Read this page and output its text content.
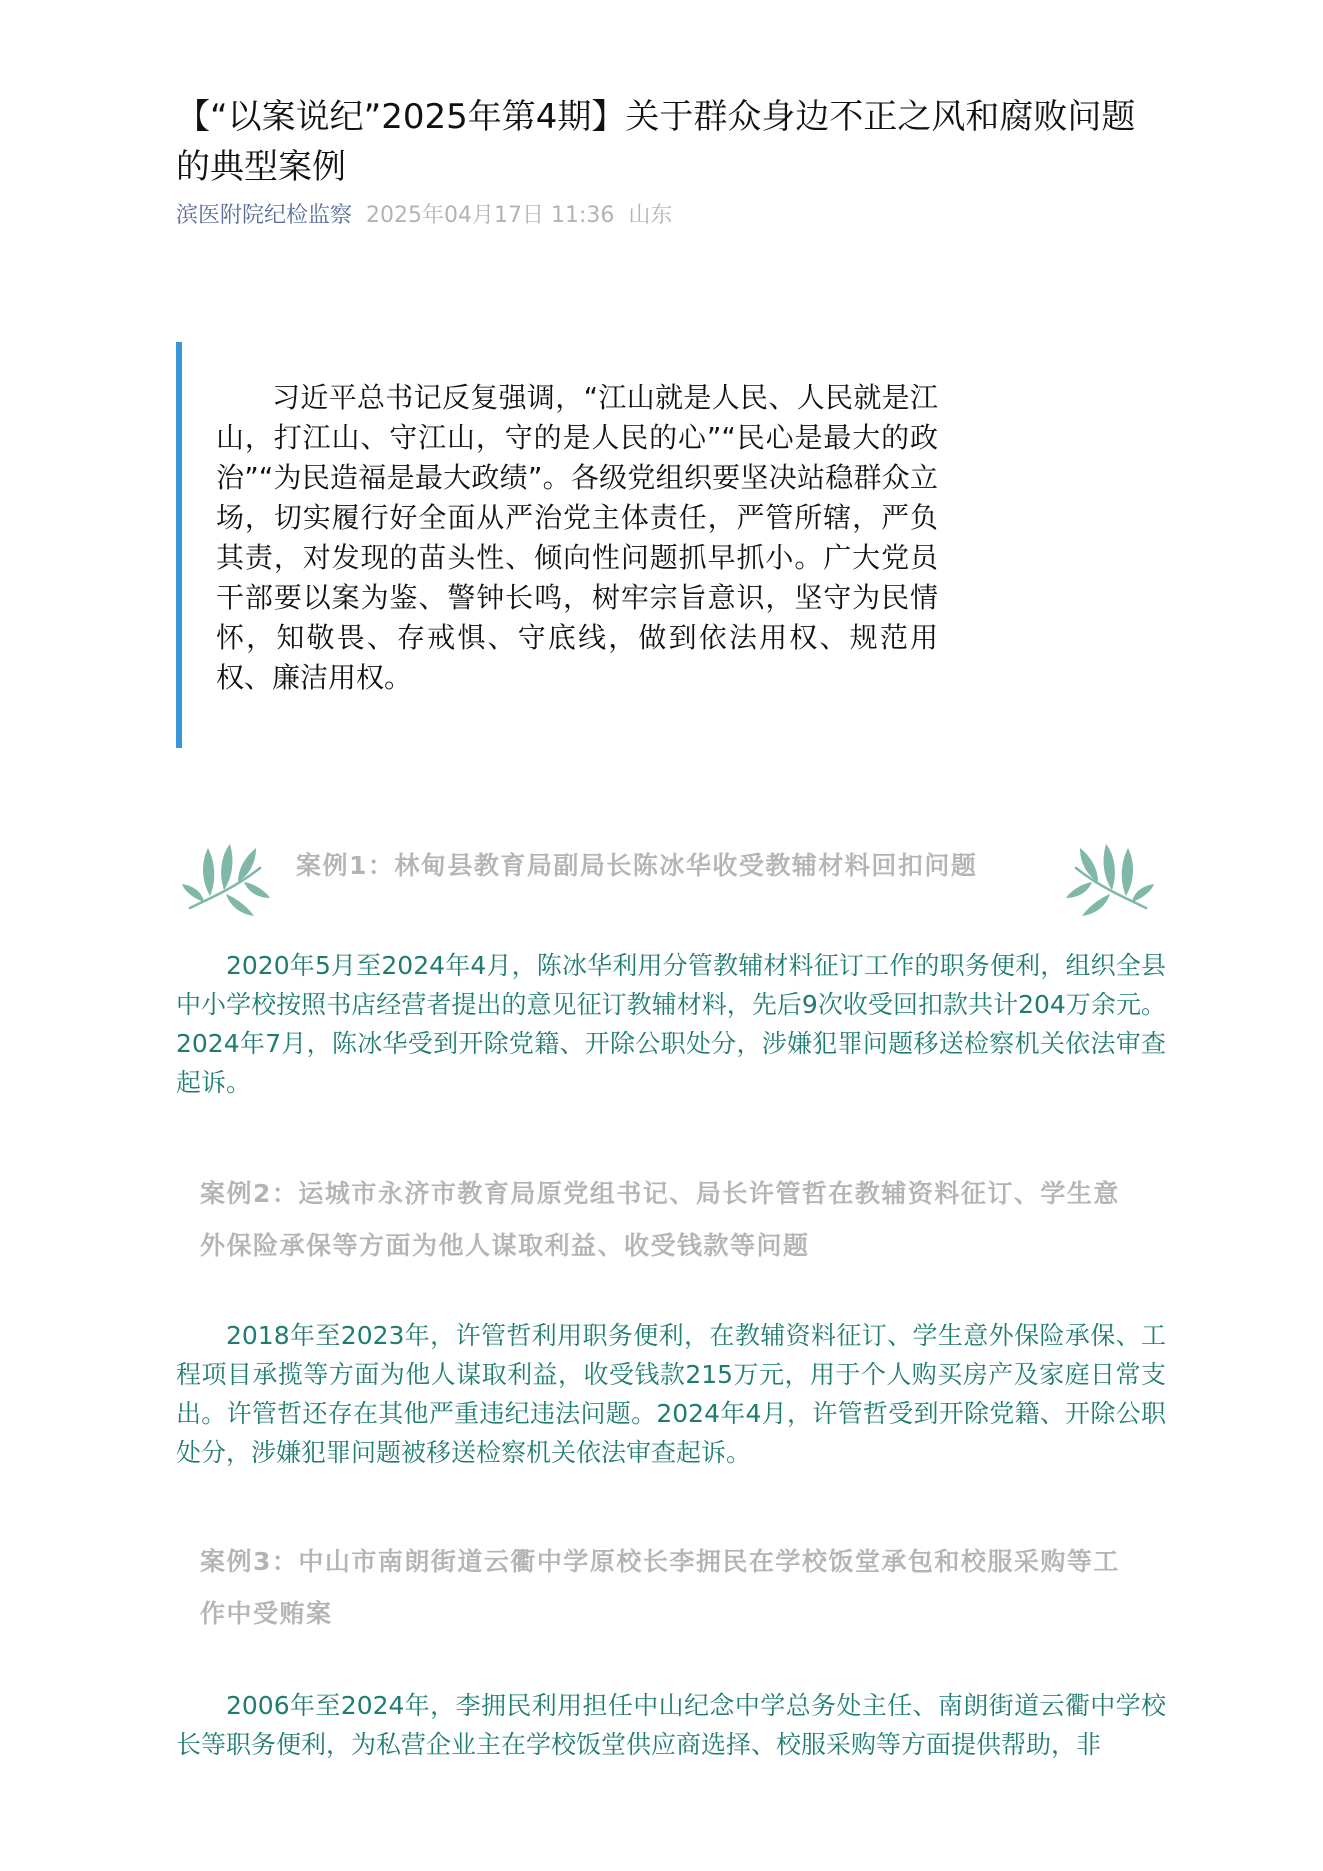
【“以案说纪”2025年第4期】关于群众身边不正之风和腐败问题的典型案例
滨医附院纪检监察 2025年04月17日 11:36 山东

习近平总书记反复强调，“江山就是人民、人民就是江山，打江山、守江山，守的是人民的心”“民心是最大的政治”“为民造福是最大政绩”。各级党组织要坚决站稳群众立场，切实履行好全面从严治党主体责任，严管所辖，严负其责，对发现的苗头性、倾向性问题抓早抓小。广大党员干部要以案为鉴、警钟长鸣，树牢宗旨意识，坚守为民情怀，知敬畏、存戒惧、守底线，做到依法用权、规范用权、廉洁用权。

案例1：林甸县教育局副局长陈冰华收受教辅材料回扣问题

2020年5月至2024年4月，陈冰华利用分管教辅材料征订工作的职务便利，组织全县中小学校按照书店经营者提出的意见征订教辅材料，先后9次收受回扣款共计204万余元。2024年7月，陈冰华受到开除党籍、开除公职处分，涉嫌犯罪问题移送检察机关依法审查起诉。

案例2：运城市永济市教育局原党组书记、局长许管哲在教辅资料征订、学生意外保险承保等方面为他人谋取利益、收受钱款等问题

2018年至2023年，许管哲利用职务便利，在教辅资料征订、学生意外保险承保、工程项目承揽等方面为他人谋取利益，收受钱款215万元，用于个人购买房产及家庭日常支出。许管哲还存在其他严重违纪违法问题。2024年4月，许管哲受到开除党籍、开除公职处分，涉嫌犯罪问题被移送检察机关依法审查起诉。

案例3：中山市南朗街道云衢中学原校长李拥民在学校饭堂承包和校服采购等工作中受贿案

2006年至2024年，李拥民利用担任中山纪念中学总务处主任、南朗街道云衢中学校长等职务便利，为私营企业主在学校饭堂供应商选择、校服采购等方面提供帮助，非
